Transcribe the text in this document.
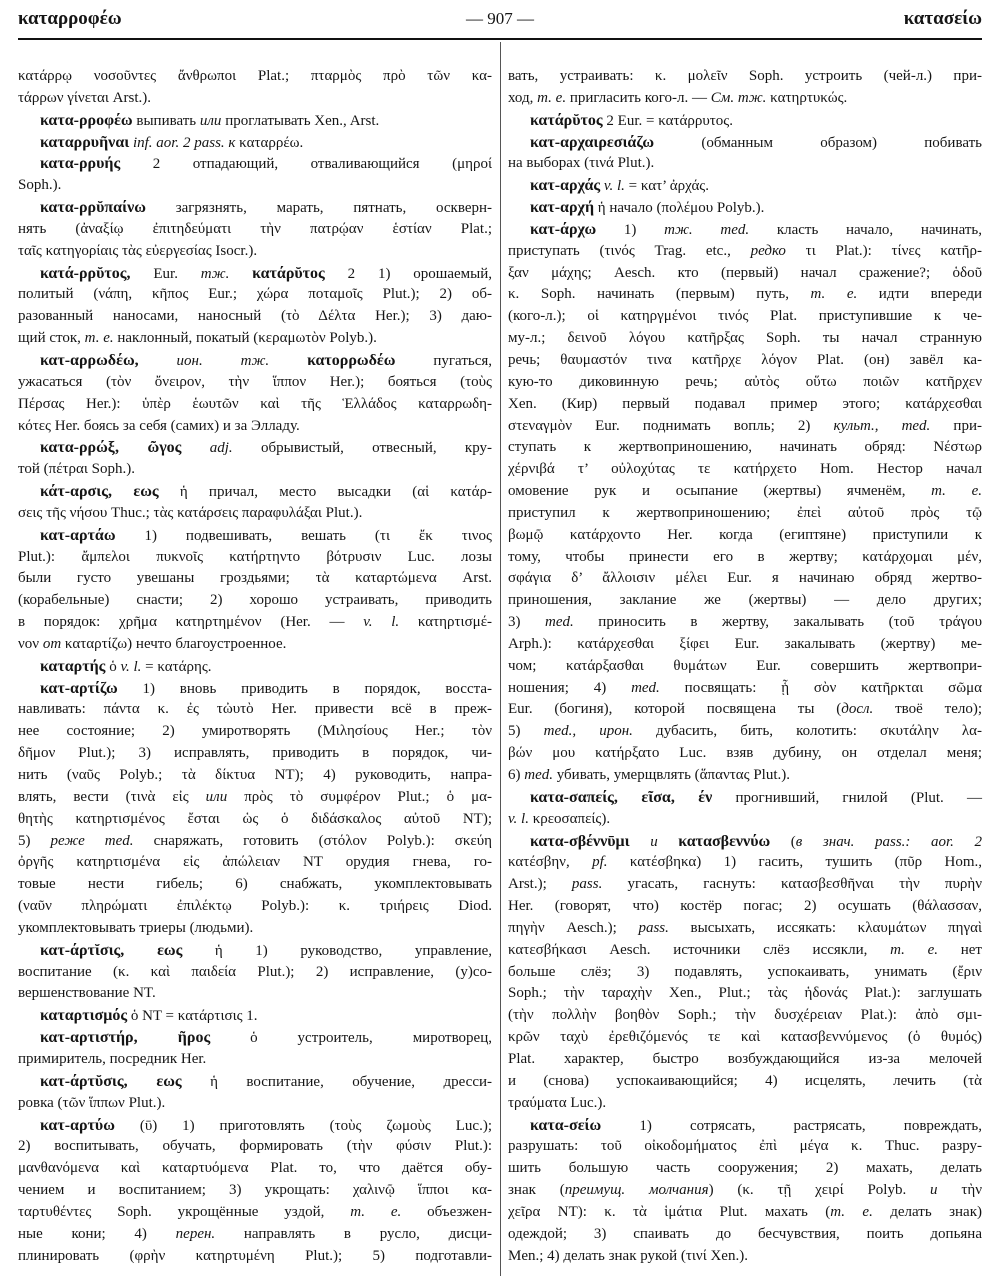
καταρροφέω	— 907 —	κατασείω
κατάρρῳ νοσοῦντες ἄνθρωποι Plat.; πταρμὸς πρὸ τῶν κα-
τάρρων γίνεται Arst.).
κατα-ρροφέω выпивать или проглатывать Xen., Arst.
καταρρυῆναι inf. aor. 2 pass. к καταρρέω.
κατα-ρρυής 2 отпадающий, отваливающийся (μηροί
Soph.).
κατα-ρρῠπαίνω загрязнять, марать, пятнать, оскверн-
нять (ἀναξίῳ ἐπιτηδεύματι τὴν πατρῴαν ἑστίαν Plat.;
ταῖς κατηγορίαις τὰς εὐεργεσίας Isocr.).
κατά-ρρῠτος, Eur. тж. κατάρῠτος 2 1) орошаемый,
политый (νάπη, κῆπος Eur.; χώρα ποταμοῖς Plut.); 2) об-
разованный наносами, наносный (τὸ Δέλτα Her.); 3) даю-
щий сток, т. е. наклонный, покатый (κεραμωτὸν Polyb.).
κατ-αρρωδέω,	ион. тж. κατορρωδέω пугаться,
ужасаться (τὸν ὄνειρον, τὴν ἵππον Her.); бояться (τοὺς
Πέρσας Her.): ὑπὲρ ἑωυτῶν καὶ τῆς Ἑλλάδος καταρρωδη-
κότες Her. боясь за себя (самих) и за Элладу.
κατα-ρρώξ, ῶγος adj. обрывистый, отвесный, кру-
той (πέτραι Soph.).
κάτ-αρσις, εως ἡ причал, место высадки (αἱ κατάρ-
σεις τῆς νήσου Thuc.; τὰς κατάρσεις παραφυλάξαι Plut.).
κατ-αρτάω 1) подвешивать, вешать (τι ἔκ τινος
Plut.): ἄμπελοι πυκνοῖς κατήρτηντο βότρυσιν Luc. лозы
были густо увешаны гроздьями; τὰ καταρτώμενα Arst.
(корабельные) снасти; 2) хорошо устраивать, приводить
в порядок: χρῆμα κατηρτημένον (Her. — v. l. κατηρτισμέ-
νον от καταρτίζω) нечто благоустроенное.
καταρτής ὁ v. l. = κατάρης.
κατ-αρτίζω 1) вновь приводить в порядок, восста-
навливать: πάντα κ. ἐς τὠυτὸ Her. привести всё в преж-
нее состояние; 2) умиротворять (Μιλησίους Her.; τὸν
δῆμον Plut.); 3) исправлять, приводить в порядок, чи-
нить (ναῦς Polyb.; τὰ δίκτυα NT); 4) руководить, напра-
влять, вести (τινὰ εἰς или πρὸς τὸ συμφέρον Plut.; ὁ μα-
θητὴς κατηρτισμένος ἔσται ὡς ὁ διδάσκαλος αὐτοῦ NT);
5) реже med. снаряжать, готовить (στόλον Polyb.): σκεύη
ὀργῆς κατηρτισμένα εἰς ἀπώλειαν NT орудия гнева, го-
товые нести гибель; 6) снабжать, укомплектовывать
(ναῦν πληρώματι ἐπιλέκτῳ Polyb.): κ. τριήρεις Diod.
укомплектовывать триеры (людьми).
κατ-άρτῐσις, εως ἡ 1) руководство, управление,
воспитание (κ. καὶ παιδεία Plut.); 2) исправление, (у)со-
вершенствование NT.
καταρτισμός ὁ NT = κατάρτισις 1.
κατ-αρτιστήρ, ῆρος ὁ устроитель, миротворец,
примиритель, посредник Her.
κατ-άρτῠσις, εως ἡ воспитание, обучение, дресси-
ровка (τῶν ἵππων Plut.).
κατ-αρτύω (ῡ) 1) приготовлять (τοὺς ζωμοὺς Luc.);
2) воспитывать, обучать, формировать (τὴν φύσιν Plut.):
μανθανόμενα καὶ καταρτυόμενα Plat. то, что даётся обу-
чением и воспитанием; 3) укрощать: χαλινῷ ἵπποι κα-
ταρτυθέντες Soph. укрощённые уздой, т. е. объезжен-
ные кони; 4) перен. направлять в русло, дисци-
плинировать (φρὴν κατηρτυμένη Plut.); 5) подготавли-
вать, устраивать: κ. μολεῖν Soph. устроить (чей-л.) при-
ход, т. е. пригласить кого-л. — См. тж. κατηρτυκώς.
κατάρῠτος 2 Eur. = κατάρρυτος.
κατ-αρχαιρεσιάζω (обманным образом) побивать
на выборах (τινά Plut.).
κατ-αρχάς v. l. = κατ’ ἀρχάς.
κατ-αρχή ἡ начало (πολέμου Polyb.).
κατ-άρχω 1) тж. med. класть начало, начинать,
приступать (τινός Trag. etc., редко τι Plat.): τίνες κατῆρ-
ξαν μάχης; Aesch. кто (первый) начал сражение?; ὁδοῦ
κ. Soph. начинать (первым) путь, т. е. идти впереди
(кого-л.); οἱ κατηργμένοι τινός Plat. приступившие к че-
му-л.; δεινοῦ λόγου κατῆρξας Soph. ты начал странную
речь; θαυμαστόν τινα κατῆρχε λόγον Plat. (он) завёл ка-
кую-то диковинную речь; αὐτὸς οὕτω ποιῶν κατῆρχεν
Xen. (Кир) первый подавал пример этого; κατάρχεσθαι
στεναγμὸν Eur. поднимать вопль; 2) культ., med. при-
ступать к жертвоприношению, начинать обряд: Νέστωρ
χέρνιβά τ’ οὐλοχύτας τε κατήρχετο Hom. Нестор начал
омовение рук и осыпание (жертвы) ячменём, т. е.
приступил к жертвоприношению; ἐπεὶ αὐτοῦ πρὸς τῷ
βωμῷ κατάρχοντο Her. когда (египтяне) приступили к
тому, чтобы принести его в жертву; κατάρχομαι μέν,
σφάγια δ’ ἄλλοισιν μέλει Eur. я начинаю обряд жертво-
приношения, заклание же (жертвы) — дело других;
3) med. приносить в жертву, закалывать (τοῦ τράγου
Arph.): κατάρχεσθαι ξίφει Eur. закалывать (жертву) ме-
чом; κατάρξασθαι θυμάτων Eur. совершить жертвопри-
ношения; 4) med. посвящать: ᾗ σὸν κατῆρκται σῶμα
Eur. (богиня), которой посвящена ты (досл. твоё тело);
5) med., ирон. дубасить, бить, колотить: σκυτάλην λα-
βών μου κατήρξατο Luc. взяв дубину, он отделал меня;
6) med. убивать, умерщвлять (ἅπαντας Plut.).
κατα-σαπείς, εῖσα, έν прогнивший, гнилой (Plut. —
v. l. κρεοσαπείς).
κατα-σβέννῡμι и κατασβεννύω (в знач. pass.: aor. 2
κατέσβην, pf. κατέσβηκα) 1) гасить, тушить (πῦρ Hom.,
Arst.); pass. угасать, гаснуть: κατασβεσθῆναι τὴν πυρὴν
Her. (говорят, что) костёр погас; 2) осушать (θάλασσαν,
πηγὴν Aesch.); pass. высыхать, иссякать: κλαυμάτων πηγαὶ
κατεσβήκασι Aesch. источники слёз иссякли, т. е. нет
больше слёз; 3) подавлять, успокаивать, унимать (ἔριν
Soph.; τὴν ταραχὴν Xen., Plut.; τὰς ἡδονάς Plat.): заглушать
(τὴν πολλὴν βοηθὸν Soph.; τὴν δυσχέρειαν Plat.): ἀπὸ σμι-
κρῶν ταχὺ ἐρεθιζόμενός τε καὶ κατασβεννύμενος (ὁ θυμός)
Plat. характер, быстро возбуждающийся из-за мелочей
и (снова) успокаивающийся; 4) исцелять, лечить (τὰ
τραύματα Luc.).
κατα-σείω 1) сотрясать, растрясать, повреждать,
разрушать: τοῦ οἰκοδομήματος ἐπὶ μέγα κ. Thuc. разру-
шить большую часть сооружения; 2) махать, делать
знак (преимущ. молчания) (κ. τῇ χειρί Polyb. и τὴν
χεῖρα NT): κ. τὰ ἱμάτια Plut. махать (т. е. делать знак)
одеждой; 3) спаивать до бесчувствия, поить допьяна
Men.; 4) делать знак рукой (τινί Xen.).
